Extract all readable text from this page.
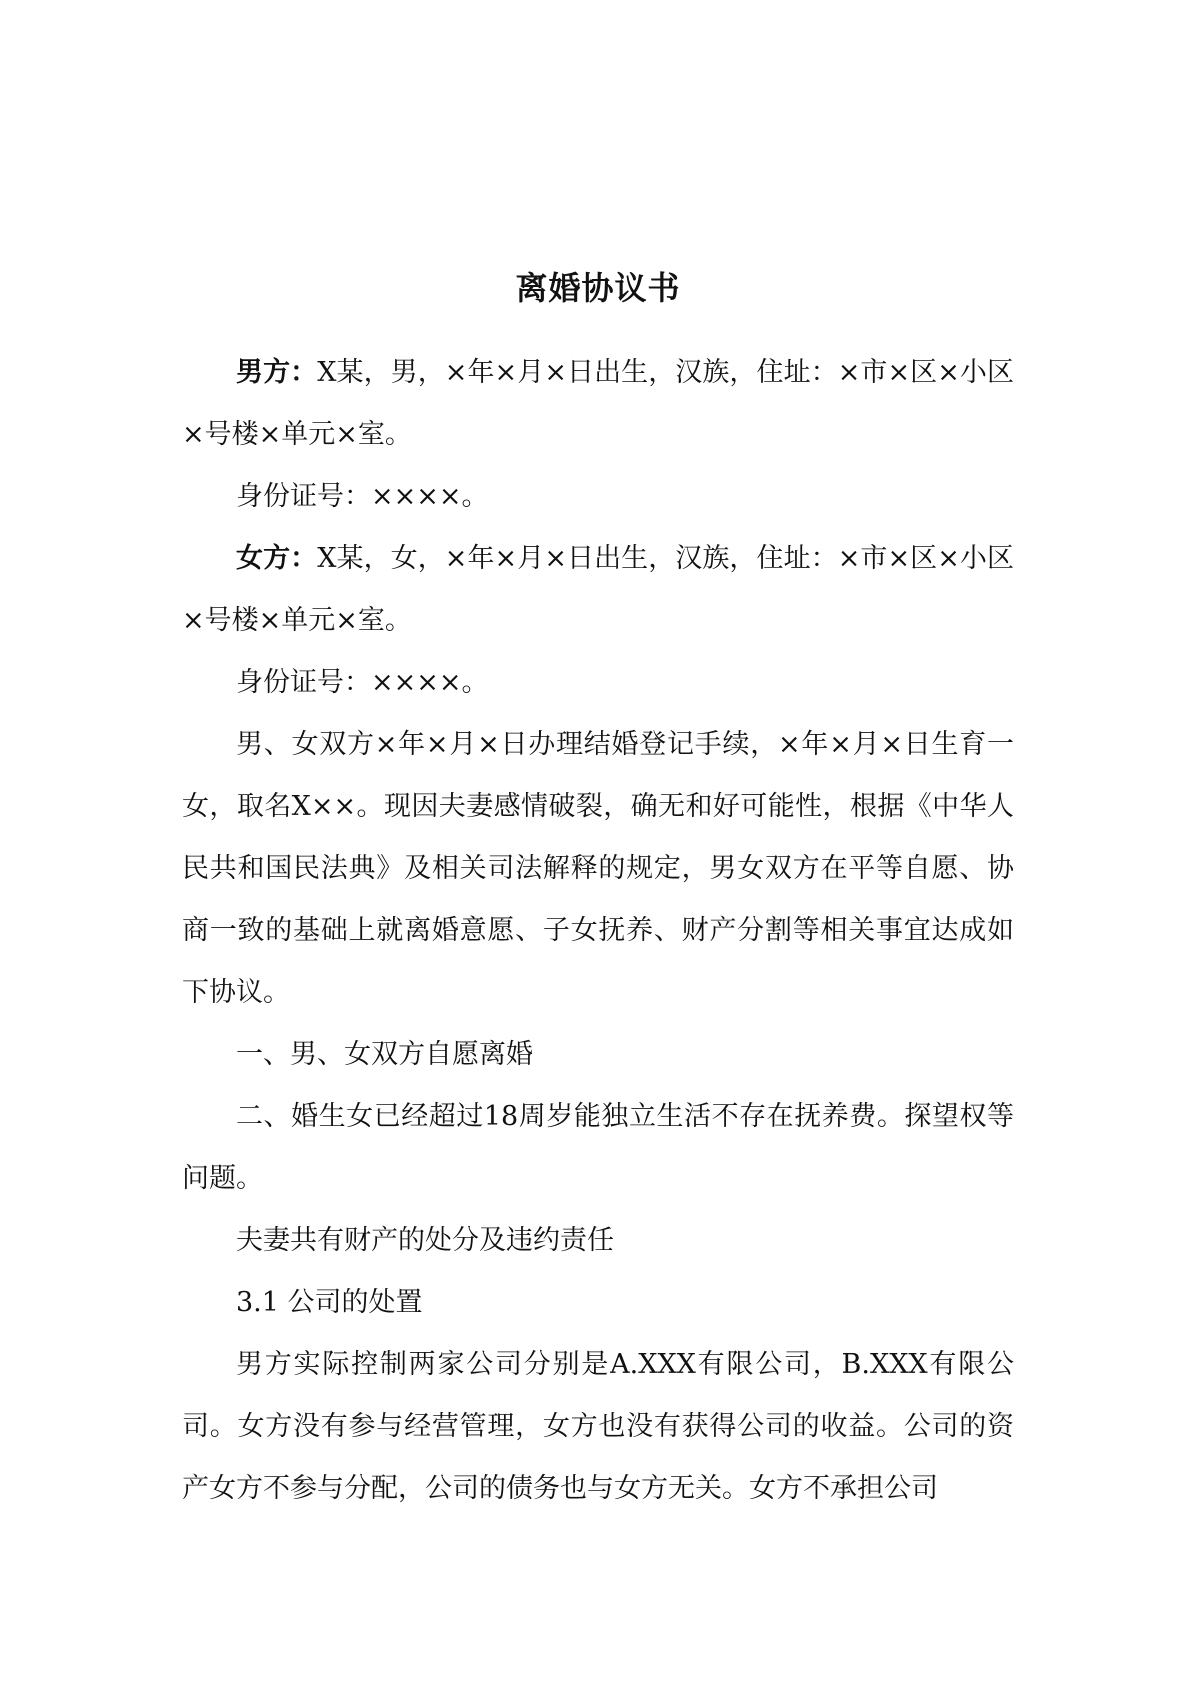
离婚协议书

男方：X某，男，×年×月×日出生，汉族，住址：×市×区×小区×号楼×单元×室。

身份证号：××××。

女方：X某，女，×年×月×日出生，汉族，住址：×市×区×小区×号楼×单元×室。

身份证号：××××。

男、女双方×年×月×日办理结婚登记手续，×年×月×日生育一女，取名X××。现因夫妻感情破裂，确无和好可能性，根据《中华人民共和国民法典》及相关司法解释的规定，男女双方在平等自愿、协商一致的基础上就离婚意愿、子女抚养、财产分割等相关事宜达成如下协议。

一、男、女双方自愿离婚

二、婚生女已经超过18周岁能独立生活不存在抚养费。探望权等问题。

夫妻共有财产的处分及违约责任

3.1 公司的处置

男方实际控制两家公司分别是A.XXX有限公司，B.XXX有限公司。女方没有参与经营管理，女方也没有获得公司的收益。公司的资产女方不参与分配，公司的债务也与女方无关。女方不承担公司
